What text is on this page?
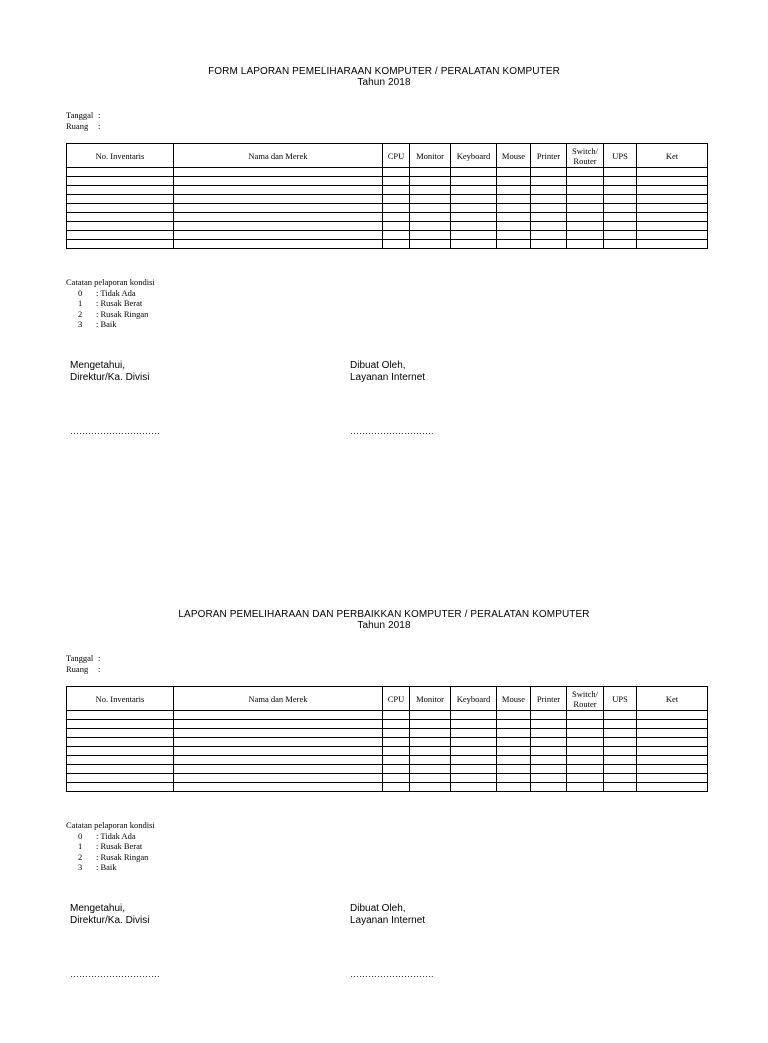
FORM LAPORAN PEMELIHARAAN KOMPUTER / PERALATAN KOMPUTER
Tahun 2018
Tanggal :
Ruang	:
No. Inventaris	Nama dan Merek	CPU	Monitor	Keyboard	Mouse	Printer	Switch/
Router	UPS	Ket

Catatan pelaporan kondisi
0	: Tidak Ada
1	: Rusak Berat
2	: Rusak Ringan
3	: Baik
Mengetahui,
Direktur/Ka. Divisi
…………………………
Dibuat Oleh,
Layanan Internet
……………………….
LAPORAN PEMELIHARAAN DAN PERBAIKKAN KOMPUTER / PERALATAN KOMPUTER
Tahun 2018
Tanggal :
Ruang	:
No. Inventaris	Nama dan Merek	CPU	Monitor	Keyboard	Mouse	Printer	Switch/
Router	UPS	Ket

Catatan pelaporan kondisi
0	: Tidak Ada
1	: Rusak Berat
2	: Rusak Ringan
3	: Baik
Mengetahui,
Direktur/Ka. Divisi
…………………………
Dibuat Oleh,
Layanan Internet
……………………….
